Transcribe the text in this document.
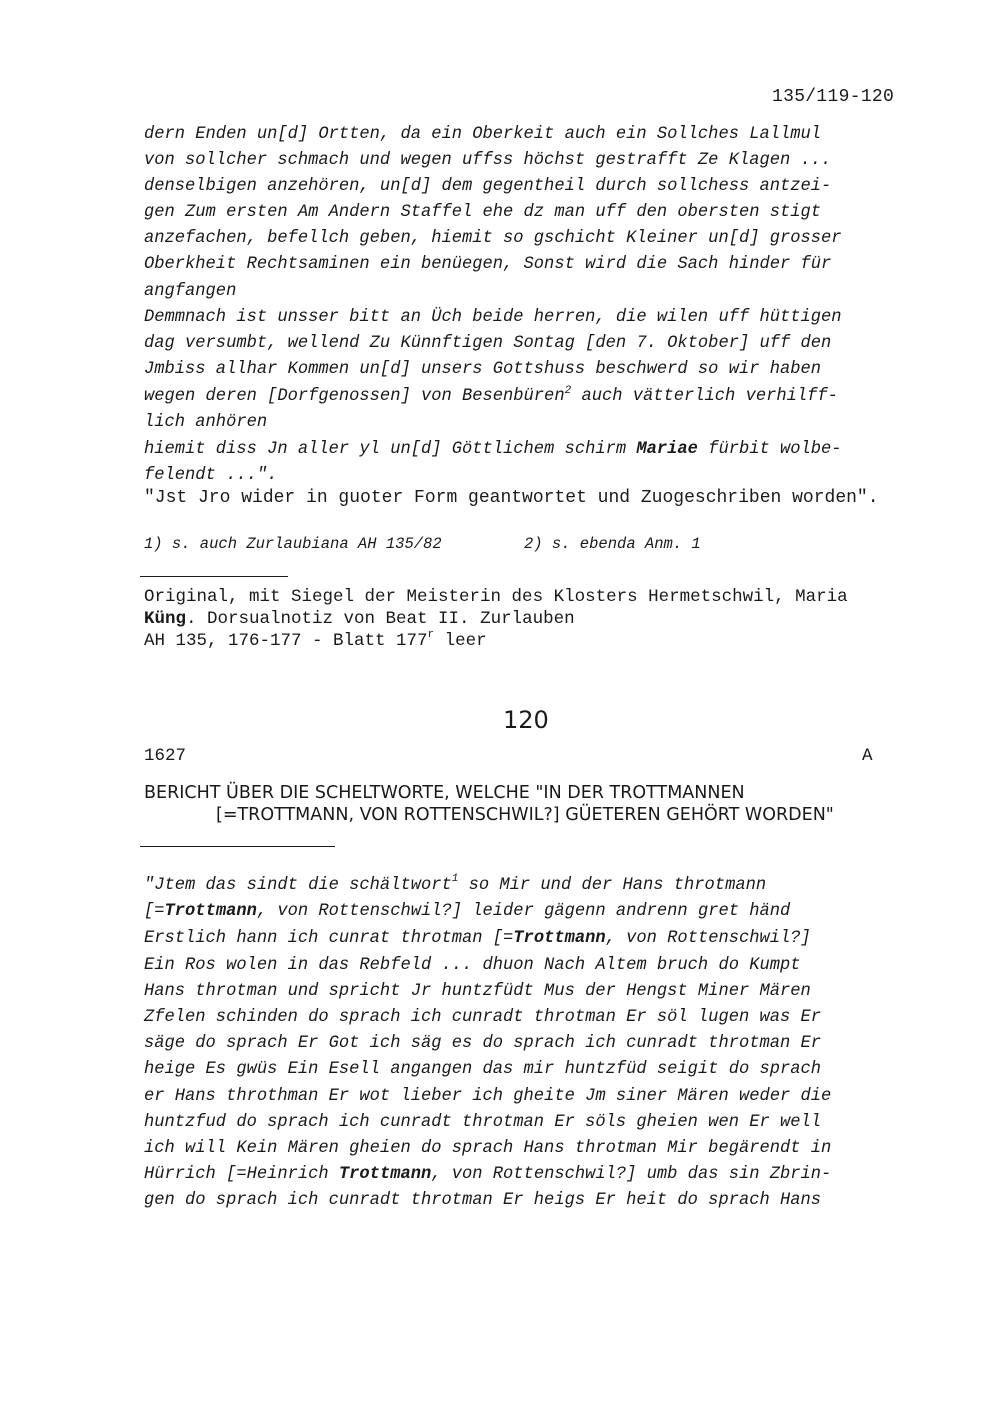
135/119-120
dern Enden un[d] Ortten, da ein Oberkeit auch ein Sollches Lallmul
von sollcher schmach und wegen uffss höchst gestrafft Ze Klagen ...
denselbigen anzehören, un[d] dem gegentheil durch sollchess antzei-
gen Zum ersten Am Andern Staffel ehe dz man uff den obersten stigt
anzefachen, befellch geben, hiemit so gschicht Kleiner un[d] grosser
Oberkheit Rechtsaminen ein benüegen, Sonst wird die Sach hinder für
angfangen
Demmnach ist unsser bitt an Üch beide herren, die wilen uff hüttigen
dag versumbt, wellend Zu Künnftigen Sontag [den 7. Oktober] uff den
Jmbiss allhar Kommen un[d] unsers Gottshuss beschwerd so wir haben
wegen deren [Dorfgenossen] von Besenbüren$^2$ auch vätterlich verhilff-
lich anhören
hiemit diss Jn aller yl un[d] Göttlichem schirm Mariae fürbit wolbe-
felendt ...".
"Jst Jro wider in guoter Form geantwortet und Zuogeschriben worden".
1) s. auch Zurlaubiana AH 135/82	2) s. ebenda Anm. 1
Original, mit Siegel der Meisterin des Klosters Hermetschwil, Maria
Küng. Dorsualnotiz von Beat II. Zurlauben
AH 135, 176-177 - Blatt 177$^r$ leer
120
1627	A
BERICHT ÜBER DIE SCHELTWORTE, WELCHE "IN DER TROTTMANNEN
[=TROTTMANN, VON ROTTENSCHWIL?] GÜETEREN GEHÖRT WORDEN"
"Jtem das sindt die schältwort$^1$ so Mir und der Hans throtmann
[=Trottmann, von Rottenschwil?] leider gägenn andrenn gret händ
Erstlich hann ich cunrat throtman [=Trottmann, von Rottenschwil?]
Ein Ros wolen in das Rebfeld ... dhuon Nach Altem bruch do Kumpt
Hans throtman und spricht Jr huntzfüdt Mus der Hengst Miner Mären
Zfelen schinden do sprach ich cunradt throtman Er söl lugen was Er
säge do sprach Er Got ich säg es do sprach ich cunradt throtman Er
heige Es gwüs Ein Esell angangen das mir huntzfüd seigit do sprach
er Hans throthman Er wot lieber ich gheite Jm siner Mären weder die
huntzfud do sprach ich cunradt throtman Er söls gheien wen Er well
ich will Kein Mären gheien do sprach Hans throtman Mir begärendt in
Hürrich [=Heinrich Trottmann, von Rottenschwil?] umb das sin Zbrin-
gen do sprach ich cunradt throtman Er heigs Er heit do sprach Hans
